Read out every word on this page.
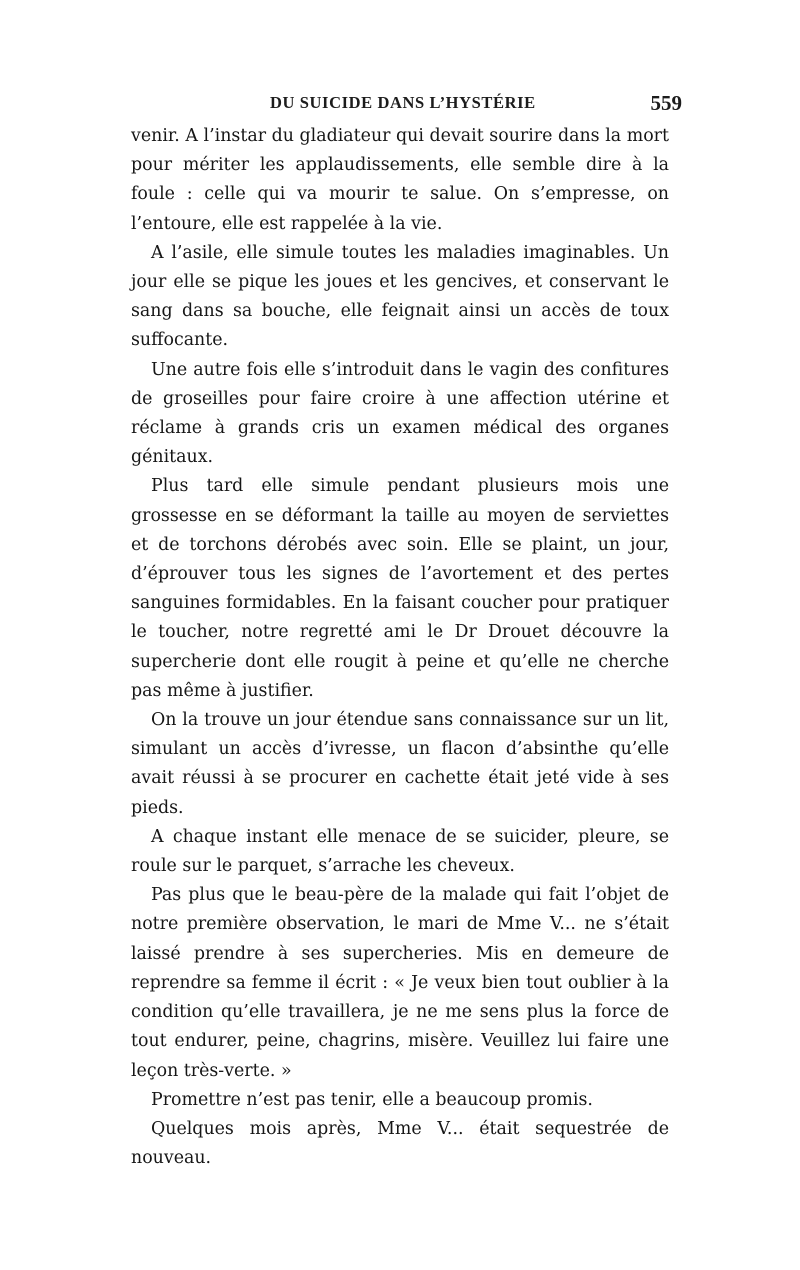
DU SUICIDE DANS L’HYSTÉRIE	559

venir. A l’instar du gladiateur qui devait sourire dans la mort pour mériter les applaudissements, elle semble dire à la foule : celle qui va mourir te salue. On s’empresse, on l’entoure, elle est rappelée à la vie.

A l’asile, elle simule toutes les maladies imaginables. Un jour elle se pique les joues et les gencives, et conservant le sang dans sa bouche, elle feignait ainsi un accès de toux suffocante.

Une autre fois elle s’introduit dans le vagin des confitures de groseilles pour faire croire à une affection utérine et réclame à grands cris un examen médical des organes génitaux.

Plus tard elle simule pendant plusieurs mois une grossesse en se déformant la taille au moyen de serviettes et de torchons dérobés avec soin. Elle se plaint, un jour, d’éprouver tous les signes de l’avortement et des pertes sanguines formidables. En la faisant coucher pour pratiquer le toucher, notre regretté ami le Dr Drouet découvre la supercherie dont elle rougit à peine et qu’elle ne cherche pas même à justifier.

On la trouve un jour étendue sans connaissance sur un lit, simulant un accès d’ivresse, un flacon d’absinthe qu’elle avait réussi à se procurer en cachette était jeté vide à ses pieds.

A chaque instant elle menace de se suicider, pleure, se roule sur le parquet, s’arrache les cheveux.

Pas plus que le beau-père de la malade qui fait l’objet de notre première observation, le mari de Mme V... ne s’était laissé prendre à ses supercheries. Mis en demeure de reprendre sa femme il écrit : « Je veux bien tout oublier à la condition qu’elle travaillera, je ne me sens plus la force de tout endurer, peine, chagrins, misère. Veuillez lui faire une leçon très-verte. »

Promettre n’est pas tenir, elle a beaucoup promis.

Quelques mois après, Mme V... était sequestrée de nouveau.
